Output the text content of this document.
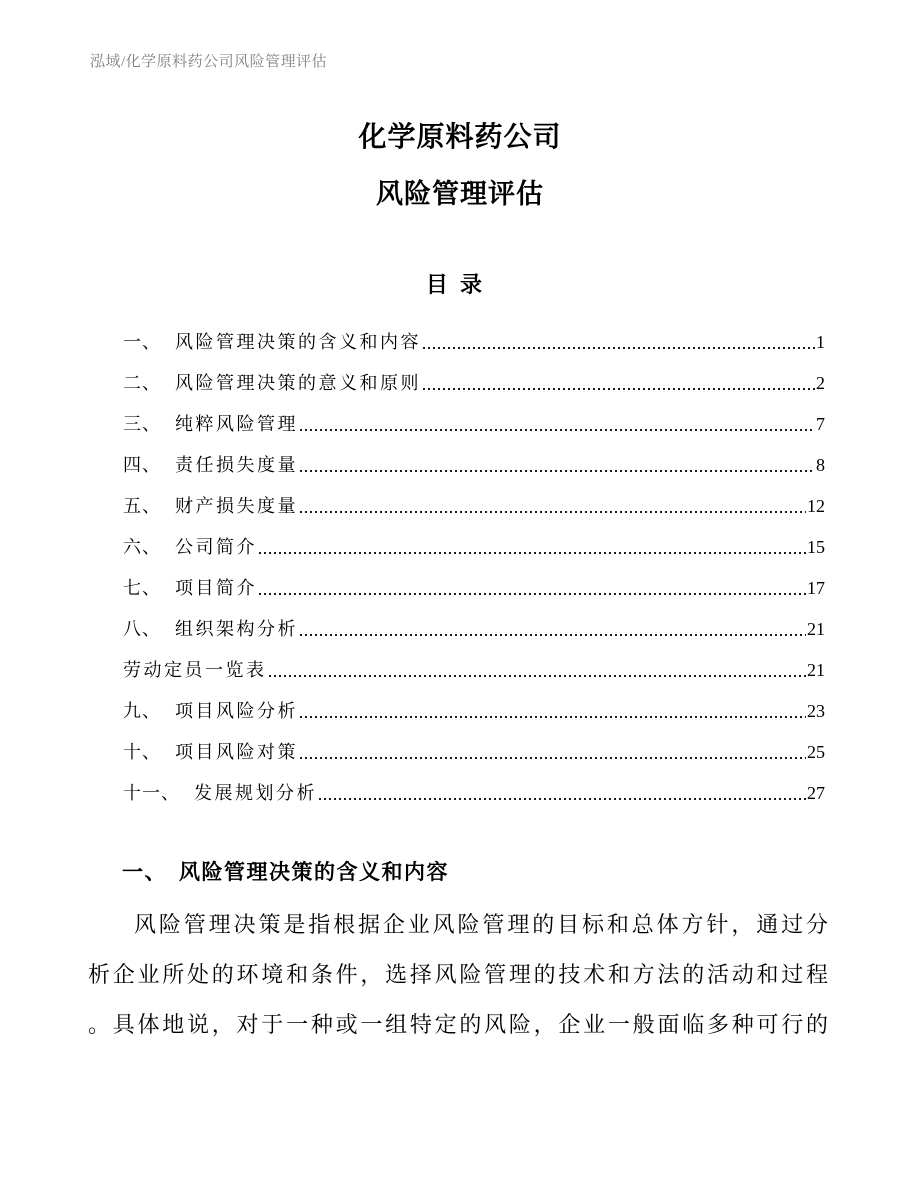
泓域/化学原料药公司风险管理评估
化学原料药公司
风险管理评估
目录
一、 风险管理决策的含义和内容	1
二、 风险管理决策的意义和原则	2
三、 纯粹风险管理	7
四、 责任损失度量	8
五、 财产损失度量	12
六、 公司简介	15
七、 项目简介	17
八、 组织架构分析	21
劳动定员一览表	21
九、 项目风险分析	23
十、 项目风险对策	25
十一、 发展规划分析	27
一、 风险管理决策的含义和内容
风险管理决策是指根据企业风险管理的目标和总体方针，通过分
析企业所处的环境和条件，选择风险管理的技术和方法的活动和过程
。具体地说，对于一种或一组特定的风险，企业一般面临多种可行的
